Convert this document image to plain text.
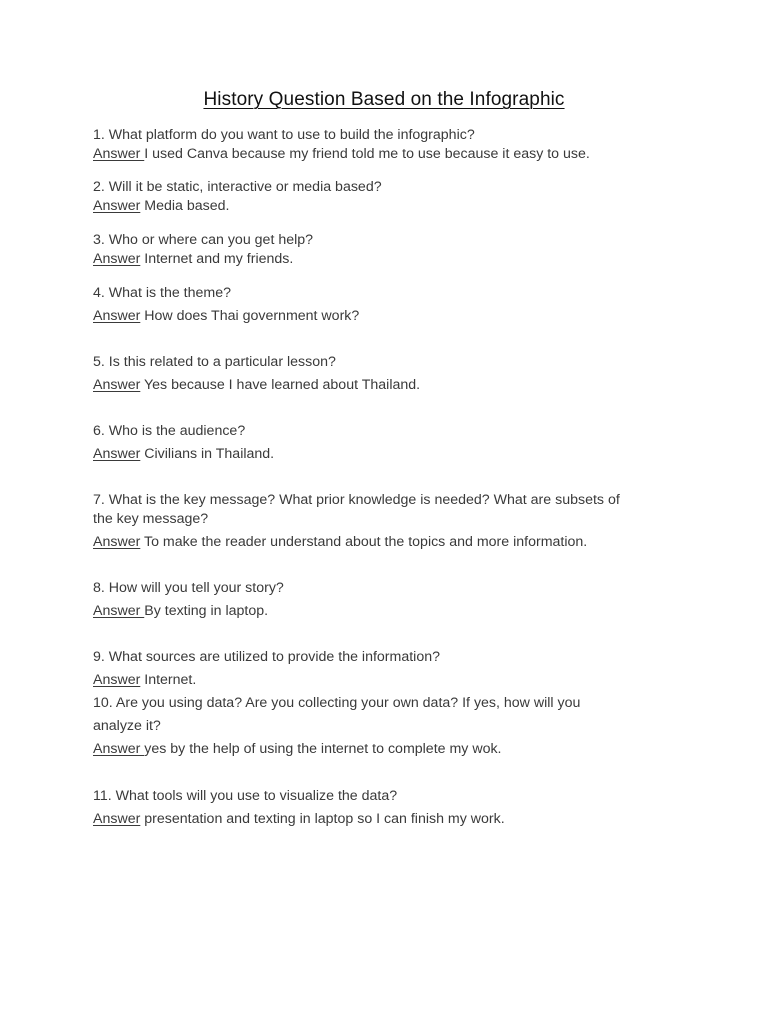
History Question Based on the Infographic
1. What platform do you want to use to build the infographic?
Answer I used Canva because my friend told me to use because it easy to use.
2. Will it be static, interactive or media based?
Answer Media based.
3. Who or where can you get help?
Answer Internet and my friends.
4. What is the theme?
Answer How does Thai government work?
5. Is this related to a particular lesson?
Answer Yes because I have learned about Thailand.
6. Who is the audience?
Answer Civilians in Thailand.
7. What is the key message? What prior knowledge is needed? What are subsets of
the key message?
Answer To make the reader understand about the topics and more information.
8. How will you tell your story?
Answer By texting in laptop.
9. What sources are utilized to provide the information?
Answer Internet.
10. Are you using data? Are you collecting your own data? If yes, how will you
analyze it?
Answer yes by the help of using the internet to complete my wok.
11. What tools will you use to visualize the data?
Answer presentation and texting in laptop so I can finish my work.
